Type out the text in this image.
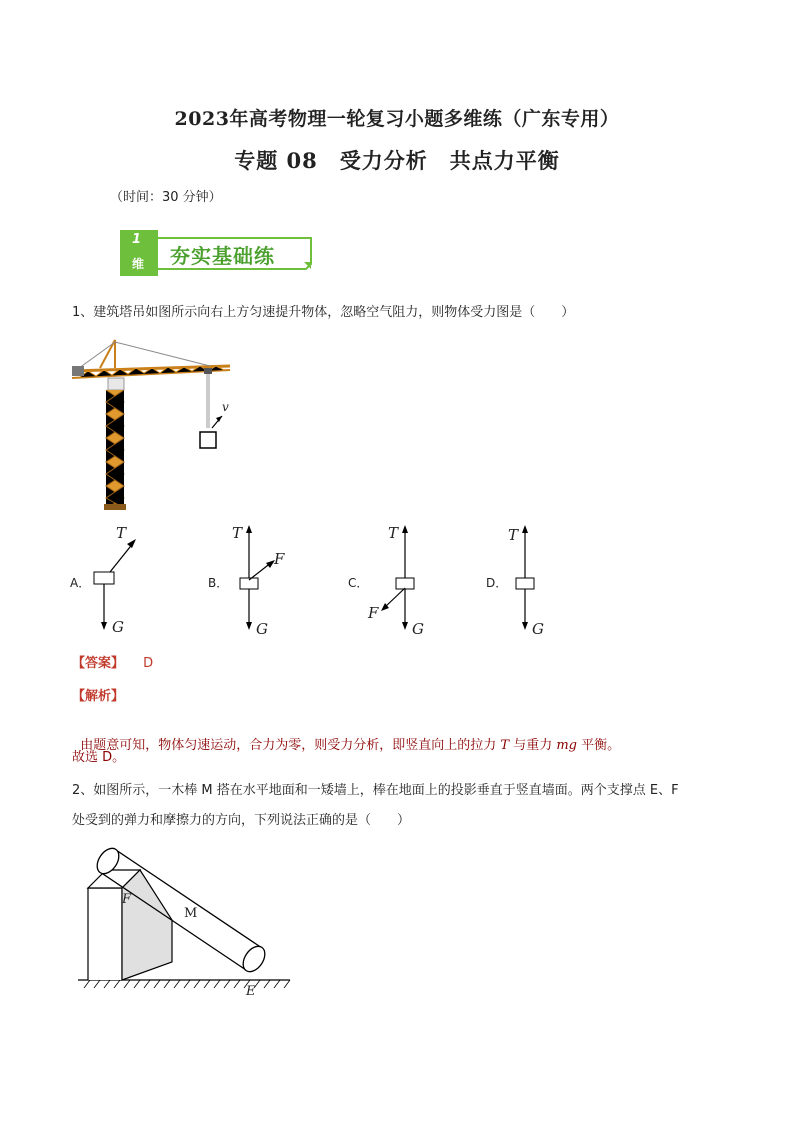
2023年高考物理一轮复习小题多维练（广东专用）
专题 08　受力分析　共点力平衡
（时间：30 分钟）
1
维 夯实基础练
1、建筑塔吊如图所示向右上方匀速提升物体，忽略空气阻力，则物体受力图是（　　）
v
A．
T
G
B．
T
F
G
C．
T
F
G
D．
T
G
【答案】 D
【解析】

由题意可知，物体匀速运动，合力为零，则受力分析，即竖直向上的拉力 T 与重力 mg 平衡。

故选 D。
2、如图所示，一木棒 M 搭在水平地面和一矮墙上，棒在地面上的投影垂直于竖直墙面。两个支撑点 E、F
处受到的弹力和摩擦力的方向，下列说法正确的是（　　）
F
M
E
